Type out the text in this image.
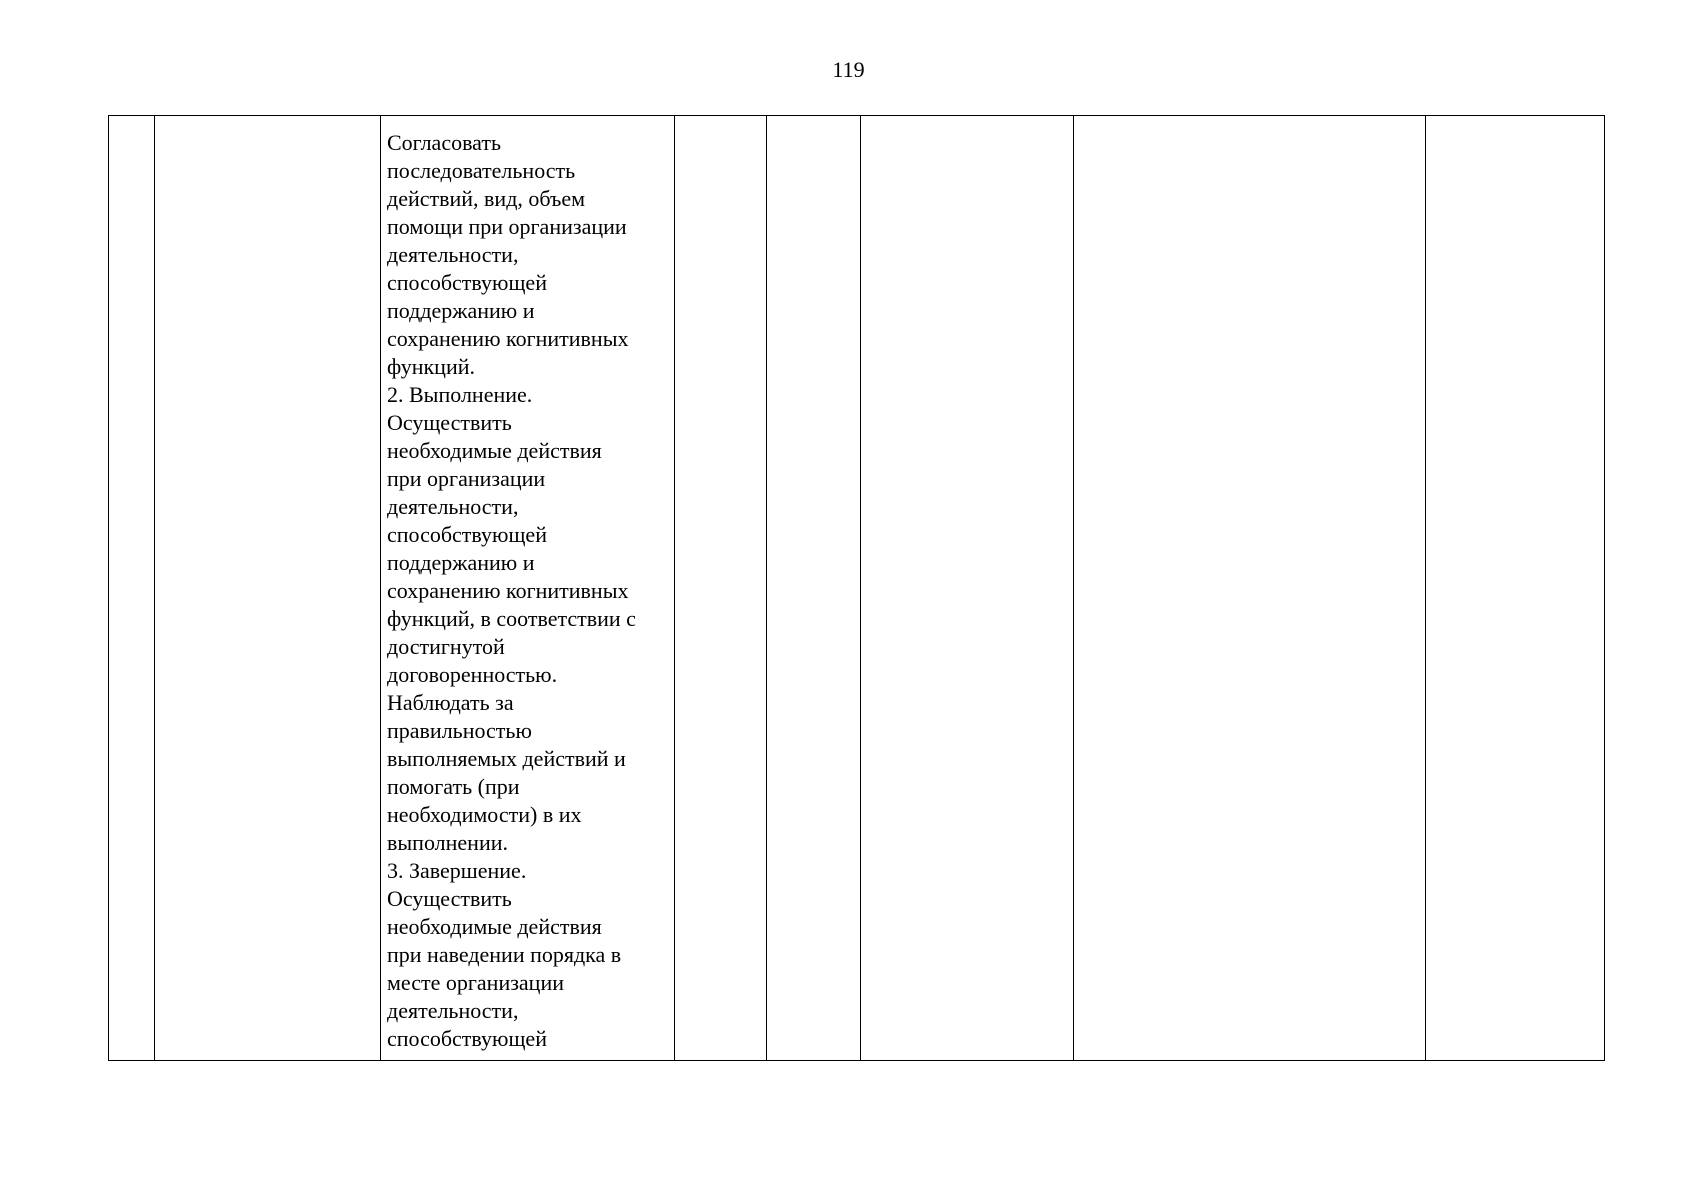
119

Согласовать
последовательность
действий, вид, объем
помощи при организации
деятельности,
способствующей
поддержанию и
сохранению когнитивных
функций.
2. Выполнение.
Осуществить
необходимые действия
при организации
деятельности,
способствующей
поддержанию и
сохранению когнитивных
функций, в соответствии с
достигнутой
договоренностью.
Наблюдать за
правильностью
выполняемых действий и
помогать (при
необходимости) в их
выполнении.
3. Завершение.
Осуществить
необходимые действия
при наведении порядка в
месте организации
деятельности,
способствующей
